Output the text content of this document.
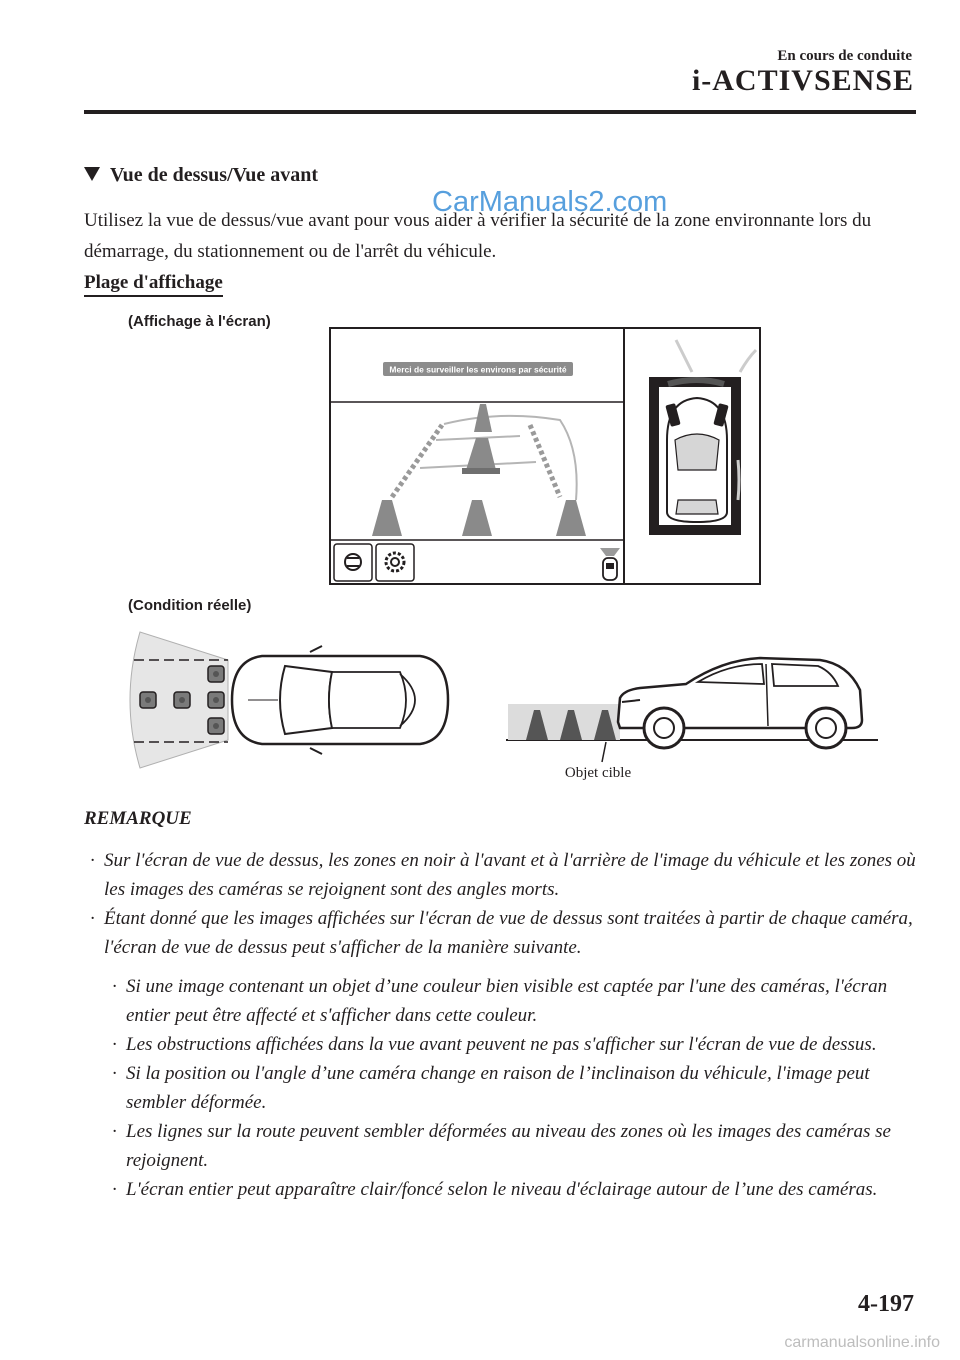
En cours de conduite
i-ACTIVSENSE
Vue de dessus/Vue avant
Utilisez la vue de dessus/vue avant pour vous aider à vérifier la sécurité de la zone environnante lors du démarrage, du stationnement ou de l'arrêt du véhicule.
CarManuals2.com
Plage d'affichage
(Affichage à l'écran)
(Condition réelle)
Merci de surveiller les environs par sécurité
Objet cible
REMARQUE
· Sur l'écran de vue de dessus, les zones en noir à l'avant et à l'arrière de l'image du véhicule et les zones où les images des caméras se rejoignent sont des angles morts.
· Étant donné que les images affichées sur l'écran de vue de dessus sont traitées à partir de chaque caméra, l'écran de vue de dessus peut s'afficher de la manière suivante.
· Si une image contenant un objet d’une couleur bien visible est captée par l'une des caméras, l'écran entier peut être affecté et s'afficher dans cette couleur.
· Les obstructions affichées dans la vue avant peuvent ne pas s'afficher sur l'écran de vue de dessus.
· Si la position ou l'angle d’une caméra change en raison de l’inclinaison du véhicule, l'image peut sembler déformée.
· Les lignes sur la route peuvent sembler déformées au niveau des zones où les images des caméras se rejoignent.
· L'écran entier peut apparaître clair/foncé selon le niveau d'éclairage autour de l’une des caméras.
4-197
carmanualsonline.info
